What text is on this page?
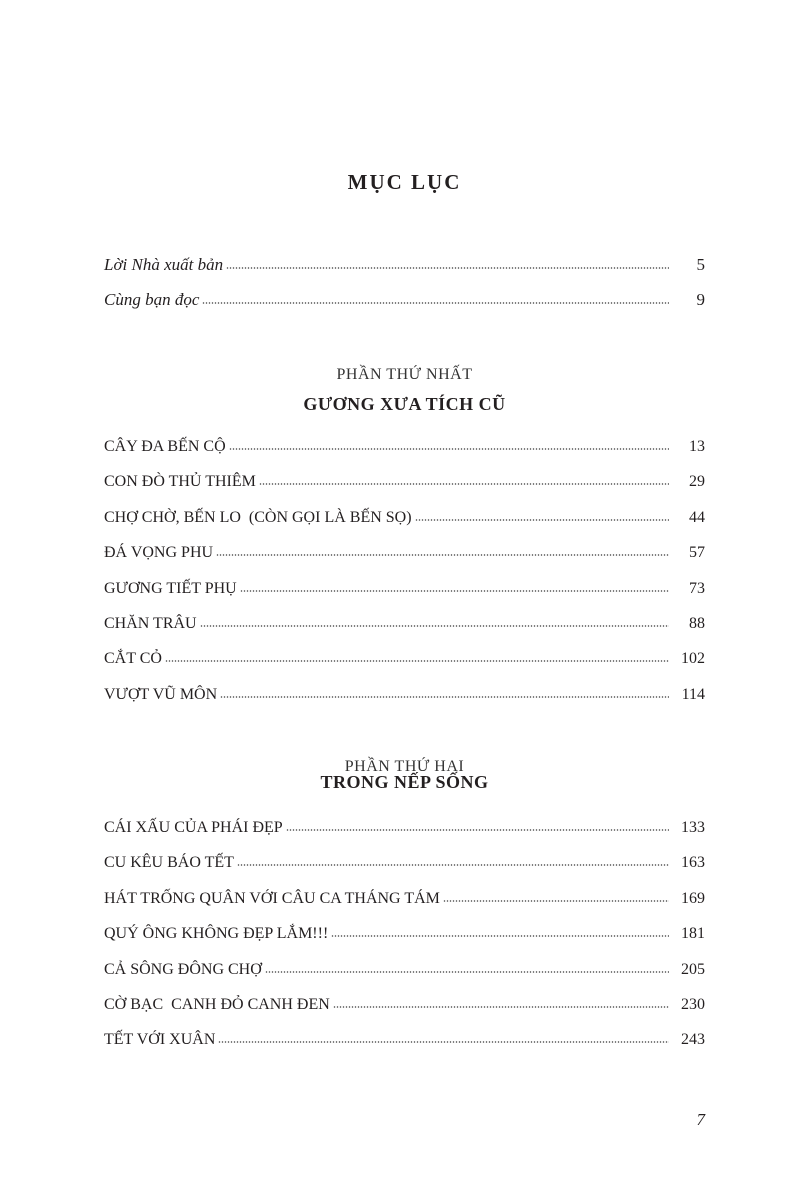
MỤC LỤC
Lời Nhà xuất bản	5
Cùng bạn đọc	9
PHẦN THỨ NHẤT
GƯƠNG XƯA TÍCH CŨ
CÂY ĐA BẾN CỘ	13
CON ĐÒ THỦ THIÊM	29
CHỢ CHỜ, BẾN LO  (CÒN GỌI LÀ BẾN SỌ)	44
ĐÁ VỌNG PHU	57
GƯƠNG TIẾT PHỤ	73
CHĂN TRÂU	88
CẮT CỎ	102
VƯỢT VŨ MÔN	114
PHẦN THỨ HAI
TRONG NẾP SỐNG
CÁI XẤU CỦA PHÁI ĐẸP	133
CU KÊU BÁO TẾT	163
HÁT TRỐNG QUÂN VỚI CÂU CA THÁNG TÁM	169
QUÝ ÔNG KHÔNG ĐẸP LẮM!!!	181
CẢ SÔNG ĐÔNG CHỢ	205
CỜ BẠC  CANH ĐỎ CANH ĐEN	230
TẾT VỚI XUÂN	243
7
